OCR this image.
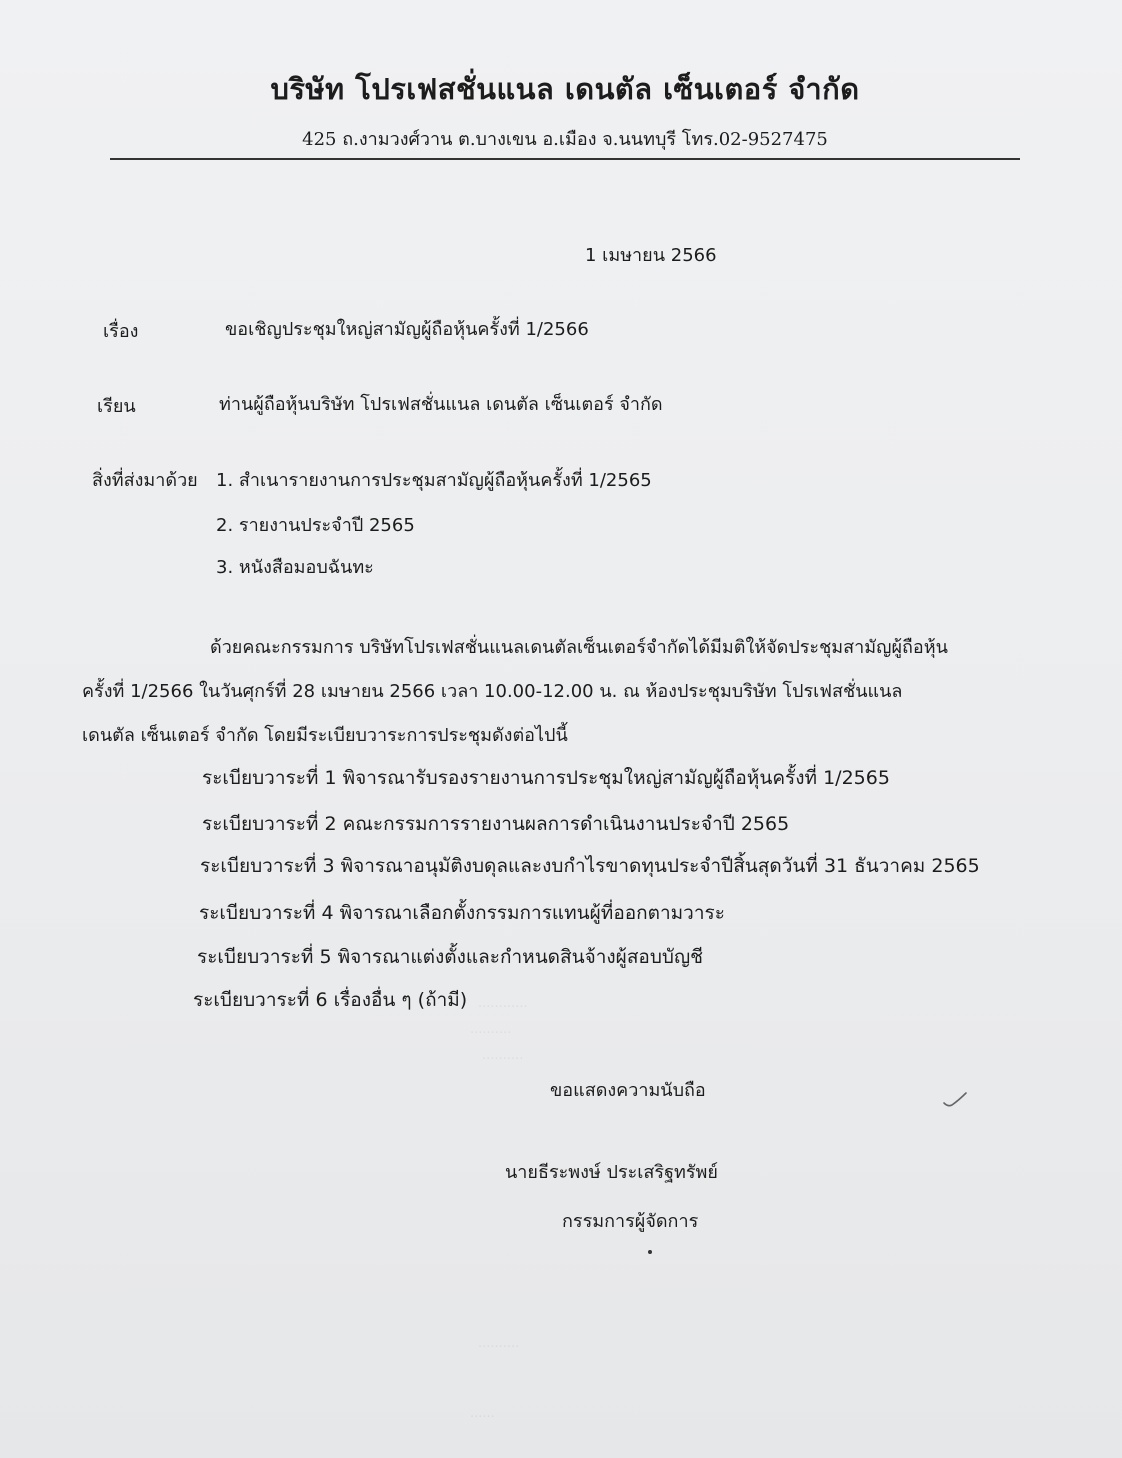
············
··········
··········
··········
······
บริษัท โปรเฟสชั่นแนล เดนตัล เซ็นเตอร์ จำกัด
425 ถ.งามวงศ์วาน ต.บางเขน อ.เมือง จ.นนทบุรี โทร.02-9527475
1 เมษายน 2566
เรื่อง	ขอเชิญประชุมใหญ่สามัญผู้ถือหุ้นครั้งที่ 1/2566
เรียน	ท่านผู้ถือหุ้นบริษัท โปรเฟสชั่นแนล เดนตัล เซ็นเตอร์ จำกัด
สิ่งที่ส่งมาด้วย 1. สำเนารายงานการประชุมสามัญผู้ถือหุ้นครั้งที่ 1/2565
2. รายงานประจำปี 2565
3. หนังสือมอบฉันทะ
ด้วยคณะกรรมการ บริษัทโปรเฟสชั่นแนลเดนตัลเซ็นเตอร์จำกัดได้มีมติให้จัดประชุมสามัญผู้ถือหุ้น
ครั้งที่ 1/2566 ในวันศุกร์ที่ 28 เมษายน 2566 เวลา 10.00-12.00 น. ณ ห้องประชุมบริษัท โปรเฟสชั่นแนล
เดนตัล เซ็นเตอร์ จำกัด โดยมีระเบียบวาระการประชุมดังต่อไปนี้
ระเบียบวาระที่ 1 พิจารณารับรองรายงานการประชุมใหญ่สามัญผู้ถือหุ้นครั้งที่ 1/2565
ระเบียบวาระที่ 2 คณะกรรมการรายงานผลการดำเนินงานประจำปี 2565
ระเบียบวาระที่ 3 พิจารณาอนุมัติงบดุลและงบกำไรขาดทุนประจำปีสิ้นสุดวันที่ 31 ธันวาคม 2565
ระเบียบวาระที่ 4 พิจารณาเลือกตั้งกรรมการแทนผู้ที่ออกตามวาระ
ระเบียบวาระที่ 5 พิจารณาแต่งตั้งและกำหนดสินจ้างผู้สอบบัญชี
ระเบียบวาระที่ 6 เรื่องอื่น ๆ (ถ้ามี)
ขอแสดงความนับถือ
นายธีระพงษ์ ประเสริฐทรัพย์
กรรมการผู้จัดการ
